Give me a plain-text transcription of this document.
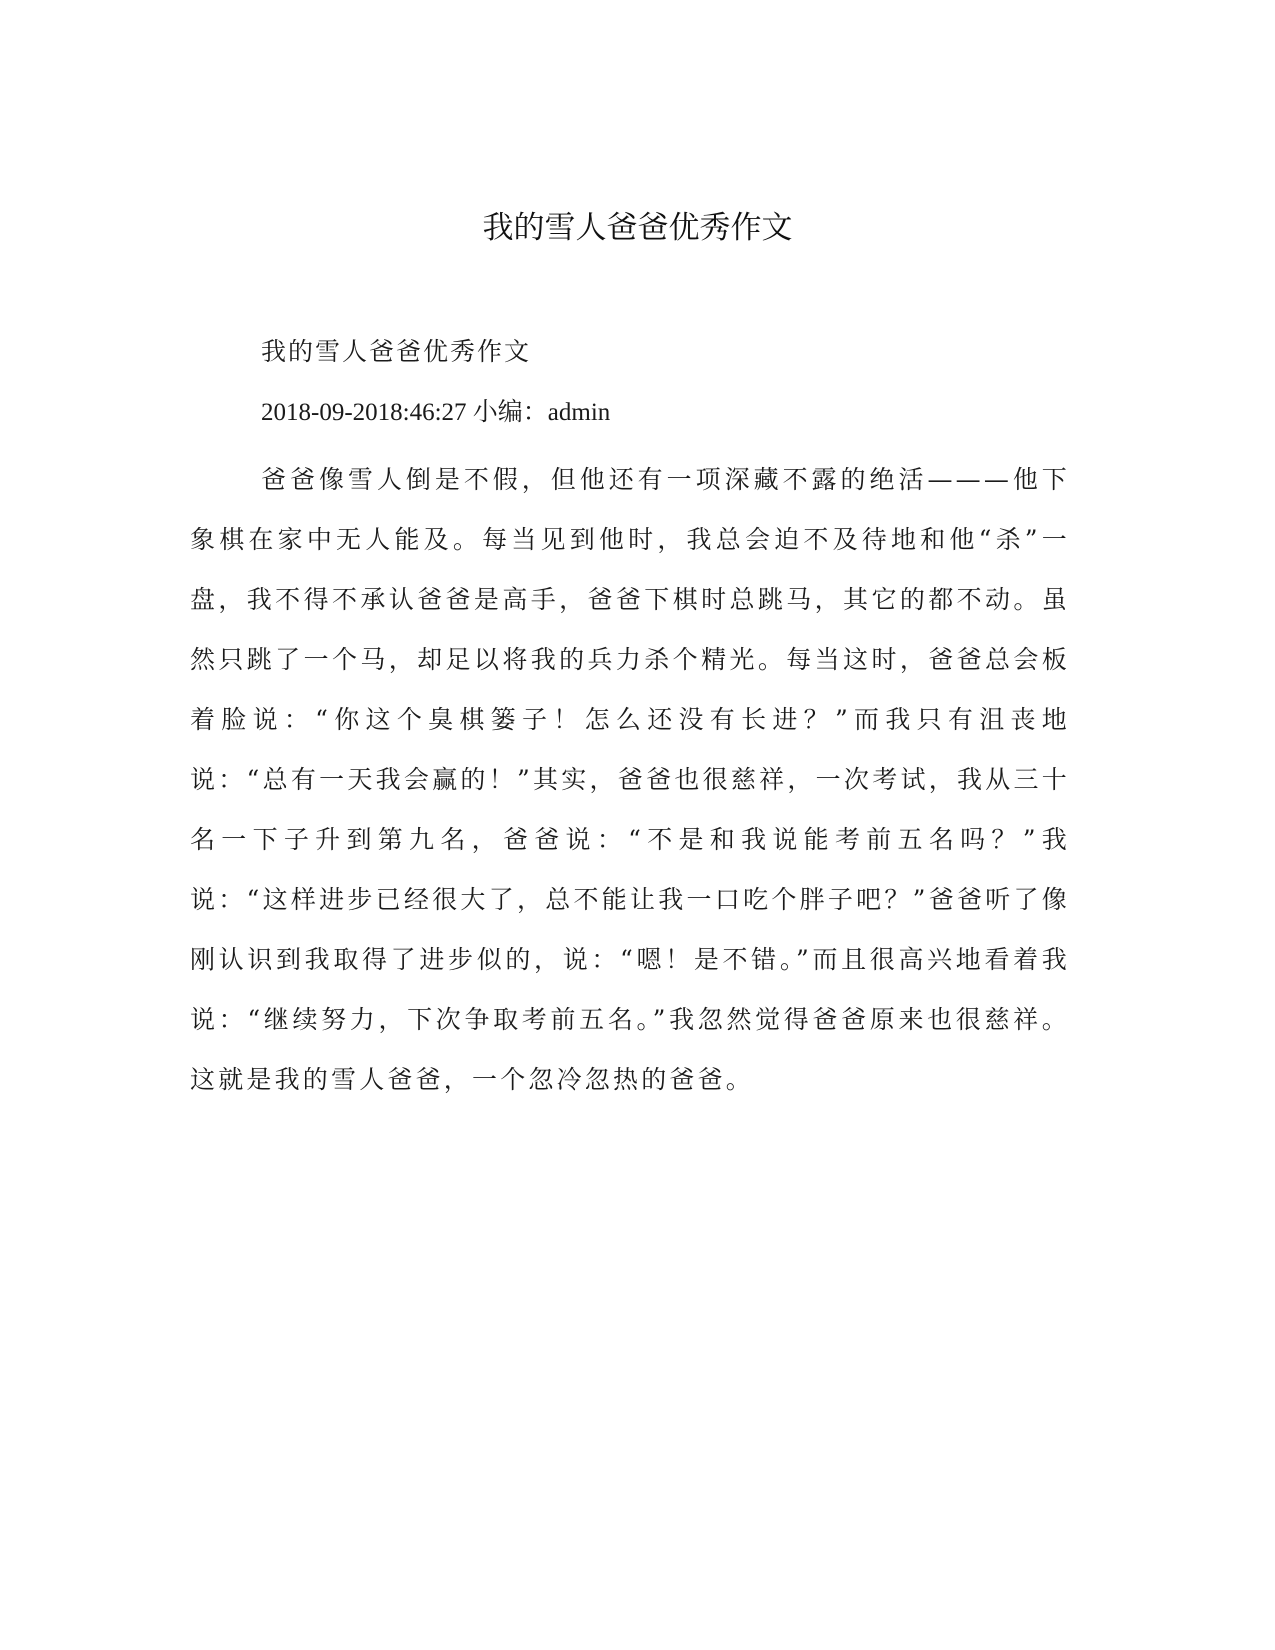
我的雪人爸爸优秀作文
我的雪人爸爸优秀作文
2018-09-2018:46:27 小编：admin

爸爸像雪人倒是不假，但他还有一项深藏不露的绝活———他下象棋在家中无人能及。每当见到他时，我总会迫不及待地和他“杀”一盘，我不得不承认爸爸是高手，爸爸下棋时总跳马，其它的都不动。虽然只跳了一个马，却足以将我的兵力杀个精光。每当这时，爸爸总会板着脸说：“你这个臭棋篓子！怎么还没有长进？”而我只有沮丧地说：“总有一天我会赢的！”其实，爸爸也很慈祥，一次考试，我从三十名一下子升到第九名，爸爸说：“不是和我说能考前五名吗？”我说：“这样进步已经很大了，总不能让我一口吃个胖子吧？”爸爸听了像刚认识到我取得了进步似的，说：“嗯！是不错。”而且很高兴地看着我说：“继续努力，下次争取考前五名。”我忽然觉得爸爸原来也很慈祥。这就是我的雪人爸爸，一个忽冷忽热的爸爸。
